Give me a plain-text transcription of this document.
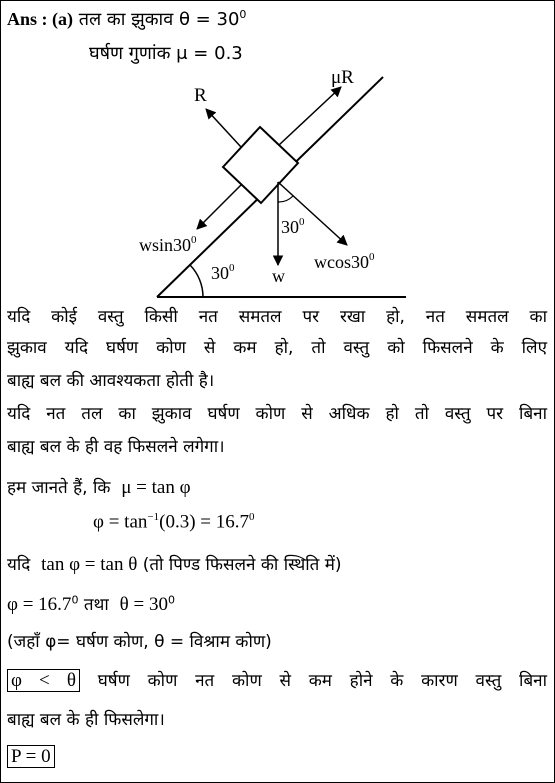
Ans : (a) तल का झुकाव $\theta = 30^0$
घर्षण गुणांक μ = 0.3
R
μR
$wsin30^0$
$30^0$
w
$wcos30^0$
$30^0$
यदि कोई वस्तु किसी नत समतल पर रखा हो, नत समतल का
झुकाव यदि घर्षण कोण से कम हो, तो वस्तु को फिसलने के लिए
बाह्य बल की आवश्यकता होती है।
यदि नत तल का झुकाव घर्षण कोण से अधिक हो तो वस्तु पर बिना
बाह्य बल के ही वह फिसलने लगेगा।
हम जानते हैं, कि μ = tan φ
$\varphi = \tan^{-1}(0.3) = 16.7^0$
यदि tan φ = tan θ (तो पिण्ड फिसलने की स्थिति में)
$\varphi = 16.7^0$ तथा $\theta = 30^0$
(जहाँ φ= घर्षण कोण, θ = विश्राम कोण)
φ < θ घर्षण कोण नत कोण से कम होने के कारण वस्तु बिना
बाह्य बल के ही फिसलेगा।
P = 0
